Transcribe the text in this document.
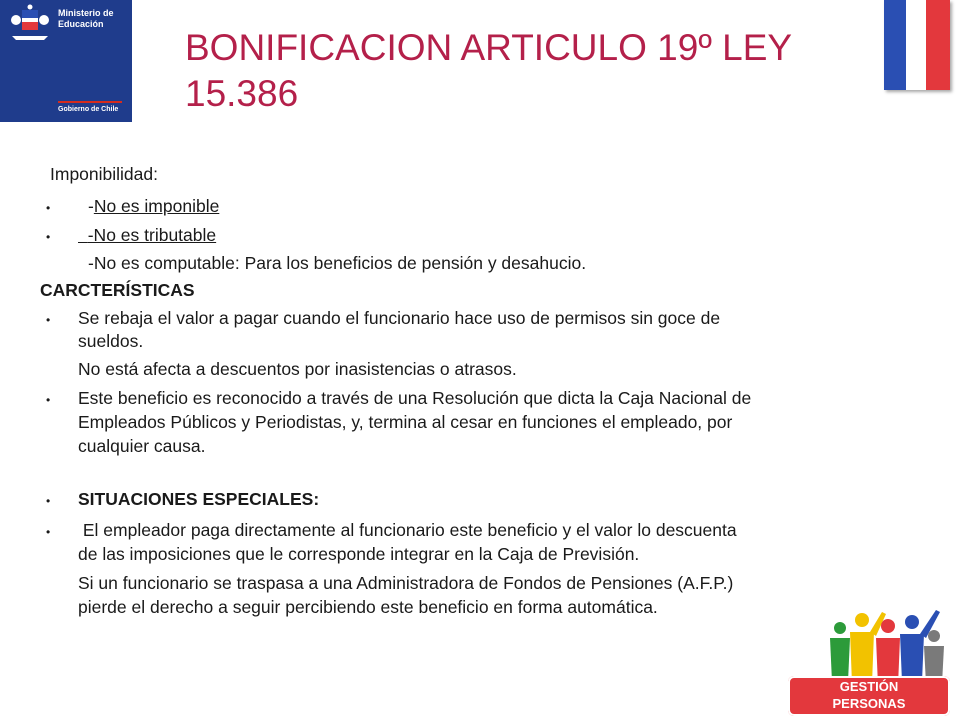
Ministerio de
Educación
Gobierno de Chile
BONIFICACION ARTICULO 19º LEY
15.386
Imponibilidad:
• -No es imponible
•	-No es tributable
-No es computable: Para los beneficios de pensión y desahucio.
CARCTERÍSTICAS
• Se rebaja el valor a pagar cuando el funcionario hace uso de permisos sin goce de
sueldos.
No está afecta a descuentos por inasistencias o atrasos.
• Este beneficio es reconocido a través de una Resolución que dicta la Caja Nacional de
Empleados Públicos y Periodistas, y, termina al cesar en funciones el empleado, por
cualquier causa.
• SITUACIONES ESPECIALES:
• El empleador paga directamente al funcionario este beneficio y el valor lo descuenta
de las imposiciones que le corresponde integrar en la Caja de Previsión.
Si un funcionario se traspasa a una Administradora de Fondos de Pensiones (A.F.P.)
pierde el derecho a seguir percibiendo este beneficio en forma automática.
GESTIÓN
PERSONAS
